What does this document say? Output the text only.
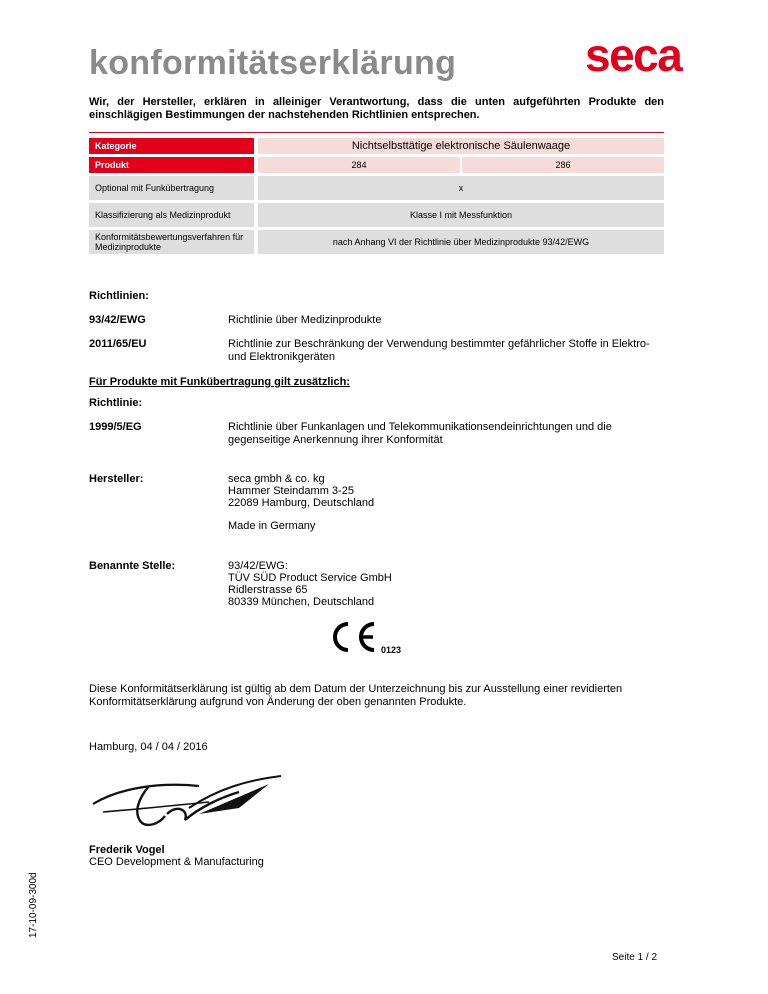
konformitätserklärung	seca
Wir, der Hersteller, erklären in alleiniger Verantwortung, dass die unten aufgeführten Produkte den einschlägigen Bestimmungen der nachstehenden Richtlinien entsprechen.
Kategorie	Nichtselbsttätige elektronische Säulenwaage
Produkt	284	286
Optional mit Funkübertragung	x
Klassifizierung als Medizinprodukt	Klasse I mit Messfunktion
Konformitätsbewertungsverfahren für Medizinprodukte	nach Anhang VI der Richtlinie über Medizinprodukte 93/42/EWG
Richtlinien:
93/42/EWG	Richtlinie über Medizinprodukte
2011/65/EU	Richtlinie zur Beschränkung der Verwendung bestimmter gefährlicher Stoffe in Elektro- und Elektronikgeräten
Für Produkte mit Funkübertragung gilt zusätzlich:
Richtlinie:
1999/5/EG	Richtlinie über Funkanlagen und Telekommunikationsendeinrichtungen und die gegenseitige Anerkennung ihrer Konformität
Hersteller:	seca gmbh & co. kg
Hammer Steindamm 3-25
22089 Hamburg, Deutschland
Made in Germany
Benannte Stelle:	93/42/EWG:
TÜV SÜD Product Service GmbH
Ridlerstrasse 65
80339 München, Deutschland
0123
Diese Konformitätserklärung ist gültig ab dem Datum der Unterzeichnung bis zur Ausstellung einer revidierten Konformitätserklärung aufgrund von Änderung der oben genannten Produkte.
Hamburg, 04 / 04 / 2016
Frederik Vogel
CEO Development & Manufacturing
17-10-09-300d
Seite 1 / 2
